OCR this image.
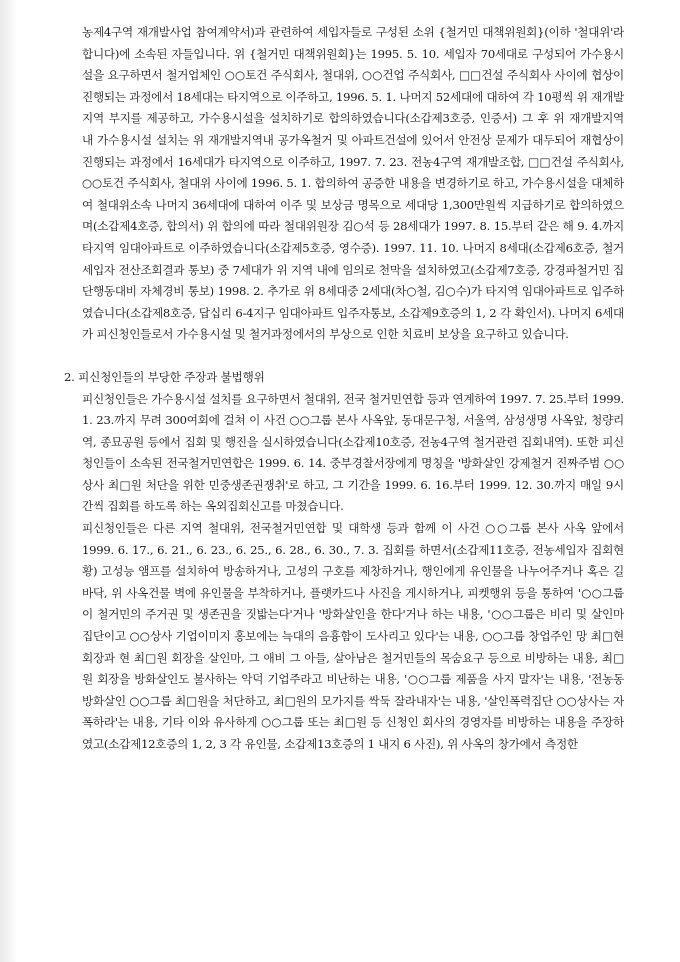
농제4구역 재개발사업 참여계약서)과 관련하여 세입자들로 구성된 소위 {철거민 대책위원회}(이하 '철대위'라 합니다)에 소속된 자들입니다. 위 {철거민 대책위원회}는 1995. 5. 10. 세입자 70세대로 구성되어 가수용시설을 요구하면서 철거업체인 ○○토건 주식회사, 철대위, ○○건업 주식회사, □□건설 주식회사 사이에 협상이 진행되는 과정에서 18세대는 타지역으로 이주하고, 1996. 5. 1. 나머지 52세대에 대하여 각 10평씩 위 재개발지역 부지를 제공하고, 가수용시설을 설치하기로 합의하였습니다(소갑제3호증, 인증서) 그 후 위 재개발지역 내 가수용시설 설치는 위 재개발지역내 공가옥철거 및 아파트건설에 있어서 안전상 문제가 대두되어 재협상이 진행되는 과정에서 16세대가 타지역으로 이주하고, 1997. 7. 23. 전농4구역 재개발조합, □□건설 주식회사, ○○토건 주식회사, 철대위 사이에 1996. 5. 1. 합의하여 공증한 내용을 변경하기로 하고, 가수용시설을 대체하여 철대위소속 나머지 36세대에 대하여 이주 및 보상금 명목으로 세대당 1,300만원씩 지급하기로 합의하였으며(소갑제4호증, 합의서) 위 합의에 따라 철대위원장 김○석 등 28세대가 1997. 8. 15.부터 같은 해 9. 4.까지 타지역 임대아파트로 이주하였습니다(소갑제5호증, 영수증). 1997. 11. 10. 나머지 8세대(소갑제6호증, 철거세입자 전산조회결과 통보) 중 7세대가 위 지역 내에 임의로 천막을 설치하였고(소갑제7호증, 강경파철거민 집단행동대비 자체경비 통보) 1998. 2. 추가로 위 8세대중 2세대(차○철, 김○수)가 타지역 임대아파트로 입주하였습니다(소갑제8호증, 답십리 6-4지구 임대아파트 입주자통보, 소갑제9호증의 1, 2 각 확인서). 나머지 6세대가 피신청인들로서 가수용시설 및 철거과정에서의 부상으로 인한 치료비 보상을 요구하고 있습니다.

2. 피신청인들의 부당한 주장과 불법행위

피신청인들은 가수용시설 설치를 요구하면서 철대위, 전국 철거민연합 등과 연계하여 1997. 7. 25.부터 1999. 1. 23.까지 무려 300여회에 걸쳐 이 사건 ○○그룹 본사 사옥앞, 동대문구청, 서울역, 삼성생명 사옥앞, 청량리역, 종묘공원 등에서 집회 및 행진을 실시하였습니다(소갑제10호증, 전농4구역 철거관련 집회내역). 또한 피신청인들이 소속된 전국철거민연합은 1999. 6. 14. 중부경찰서장에게 명칭을 '방화살인 강제철거 진짜주범 ○○상사 최□원 처단을 위한 민중생존권쟁취'로 하고, 그 기간을 1999. 6. 16.부터 1999. 12. 30.까지 매일 9시간씩 집회를 하도록 하는 옥외집회신고를 마쳤습니다.

피신청인들은 다른 지역 철대위, 전국철거민연합 및 대학생 등과 함께 이 사건 ○○그룹 본사 사옥 앞에서 1999. 6. 17., 6. 21., 6. 23., 6. 25., 6. 28., 6. 30., 7. 3. 집회를 하면서(소갑제11호증, 전농세입자 집회현황) 고성능 앰프를 설치하여 방송하거나, 고성의 구호를 제창하거나, 행인에게 유인물을 나누어주거나 혹은 길바닥, 위 사옥건물 벽에 유인물을 부착하거나, 플랫카드나 사진을 게시하거나, 피켓행위 등을 통하여 '○○그룹이 철거민의 주거권 및 생존권을 짓밟는다'거나 '방화살인을 한다'거나 하는 내용, '○○그룹은 비리 및 살인마 집단이고 ○○상사 기업이미지 홍보에는 늑대의 음흉함이 도사리고 있다'는 내용, ○○그룹 창업주인 망 최□현 회장과 현 최□원 회장을 살인마, 그 애비 그 아들, 살아남은 철거민들의 목숨요구 등으로 비방하는 내용, 최□원 회장을 방화살인도 불사하는 악덕 기업주라고 비난하는 내용, '○○그룹 제품을 사지 말자'는 내용, '전농동 방화살인 ○○그룹 최□원을 처단하고, 최□원의 모가지를 싹둑 잘라내자'는 내용, '살인폭력집단 ○○상사는 자폭하라'는 내용, 기타 이와 유사하게 ○○그룹 또는 최□원 등 신청인 회사의 경영자를 비방하는 내용을 주장하였고(소갑제12호증의 1, 2, 3 각 유인물, 소갑제13호증의 1 내지 6 사진), 위 사옥의 창가에서 측정한
